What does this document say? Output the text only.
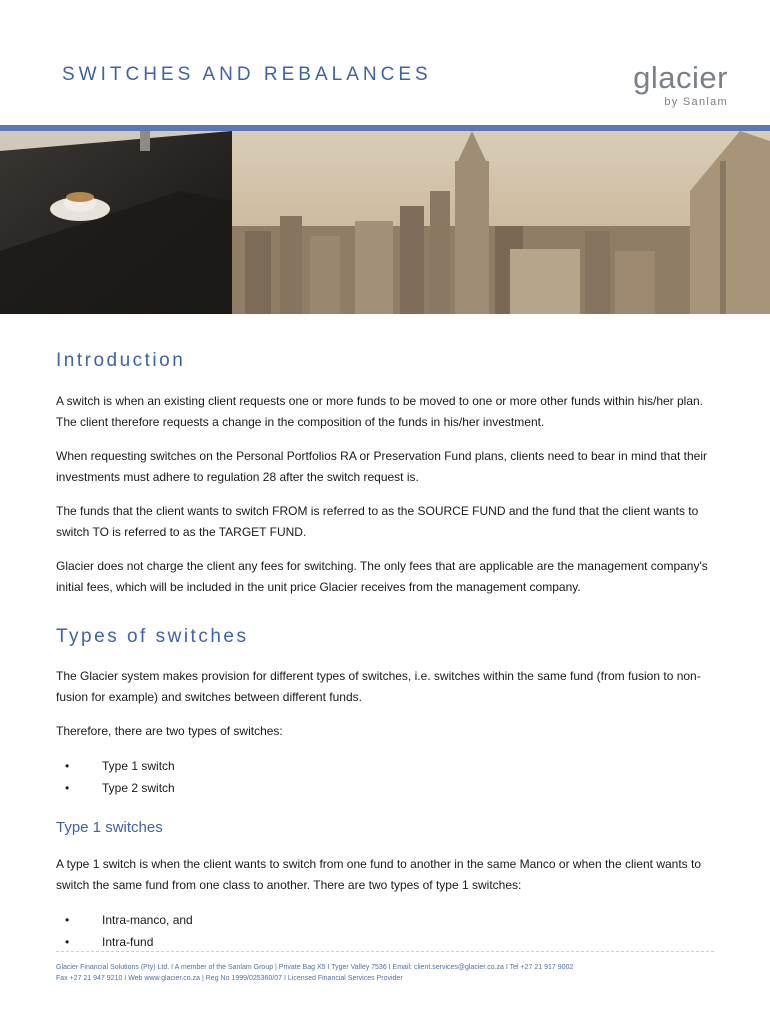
SWITCHES AND REBALANCES	glacier
by Sanlam
Introduction

A switch is when an existing client requests one or more funds to be moved to one or more other funds within his/her plan. The client therefore requests a change in the composition of the funds in his/her investment.

When requesting switches on the Personal Portfolios RA or Preservation Fund plans, clients need to bear in mind that their investments must adhere to regulation 28 after the switch request is.

The funds that the client wants to switch FROM is referred to as the SOURCE FUND and the fund that the client wants to switch TO is referred to as the TARGET FUND.

Glacier does not charge the client any fees for switching. The only fees that are applicable are the management company's initial fees, which will be included in the unit price Glacier receives from the management company.

Types of switches

The Glacier system makes provision for different types of switches, i.e. switches within the same fund (from fusion to non-fusion for example) and switches between different funds.

Therefore, there are two types of switches:

• Type 1 switch
• Type 2 switch
Type 1 switches

A type 1 switch is when the client wants to switch from one fund to another in the same Manco or when the client wants to switch the same fund from one class to another. There are two types of type 1 switches:

• Intra-manco, and
• Intra-fund
Glacier Financial Solutions (Pty) Ltd. I A member of the Sanlam Group | Private Bag X5 I Tyger Valley 7536 I Email: client.services@glacier.co.za I Tel +27 21 917 9002
Fax +27 21 947 9210 I Web www.glacier.co.za | Reg No 1999/025360/07 I Licensed Financial Services Provider
